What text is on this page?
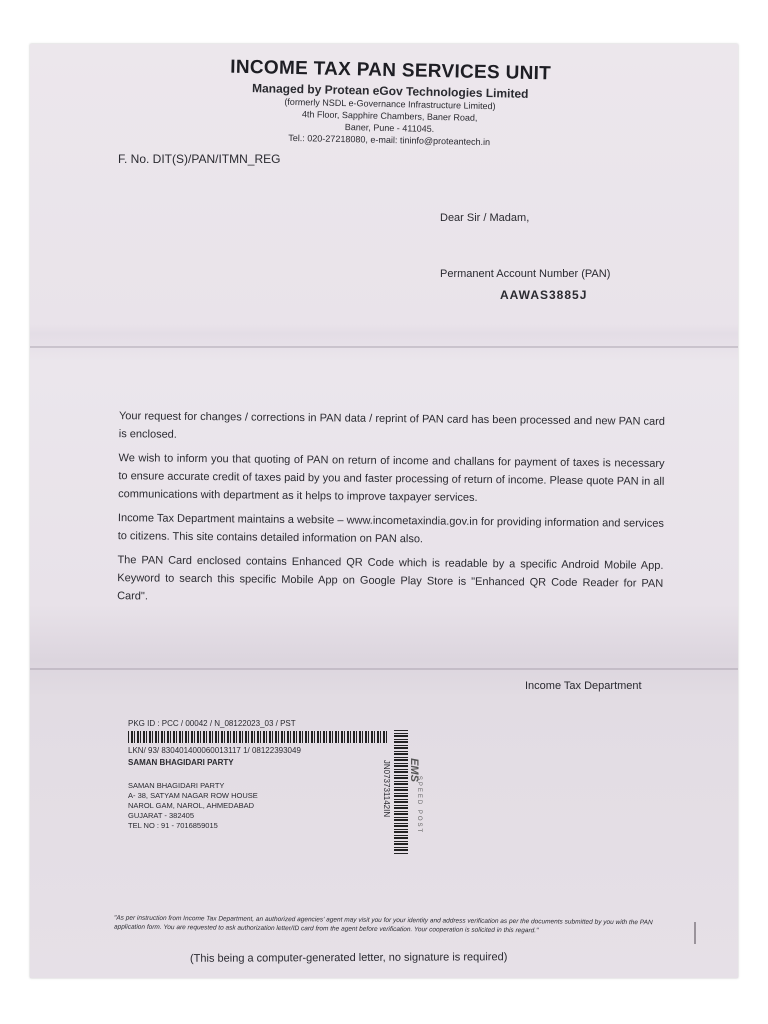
INCOME TAX PAN SERVICES UNIT
Managed by Protean eGov Technologies Limited
(formerly NSDL e-Governance Infrastructure Limited)
4th Floor, Sapphire Chambers, Baner Road,
Baner, Pune - 411045.
Tel.: 020-27218080, e-mail: tininfo@proteantech.in
F. No. DIT(S)/PAN/ITMN_REG
Dear Sir / Madam,
Permanent Account Number (PAN)
AAWAS3885J

Your request for changes / corrections in PAN data / reprint of PAN card has been processed and new PAN card is enclosed.

We wish to inform you that quoting of PAN on return of income and challans for payment of taxes is necessary to ensure accurate credit of taxes paid by you and faster processing of return of income. Please quote PAN in all communications with department as it helps to improve taxpayer services.

Income Tax Department maintains a website – www.incometaxindia.gov.in for providing information and services to citizens. This site contains detailed information on PAN also.

The PAN Card enclosed contains Enhanced QR Code which is readable by a specific Android Mobile App. Keyword to search this specific Mobile App on Google Play Store is "Enhanced QR Code Reader for PAN Card".

Income Tax Department
PKG ID : PCC / 00042 / N_08122023_03 / PST
LKN/ 93/ 830401400060013117 1/ 08122393049
SAMAN BHAGIDARI PARTY
SAMAN BHAGIDARI PARTY
A- 38, SATYAM NAGAR ROW HOUSE
NAROL GAM, NAROL, AHMEDABAD
GUJARAT - 382405
TEL NO : 91 - 7016859015
JN073731142IN EMS
SPEED POST
"As per instruction from Income Tax Department, an authorized agencies' agent may visit you for your identity and address verification as per the documents submitted by you with the PAN application form. You are requested to ask authorization letter/ID card from the agent before verification. Your cooperation is solicited in this regard."
(This being a computer-generated letter, no signature is required)
